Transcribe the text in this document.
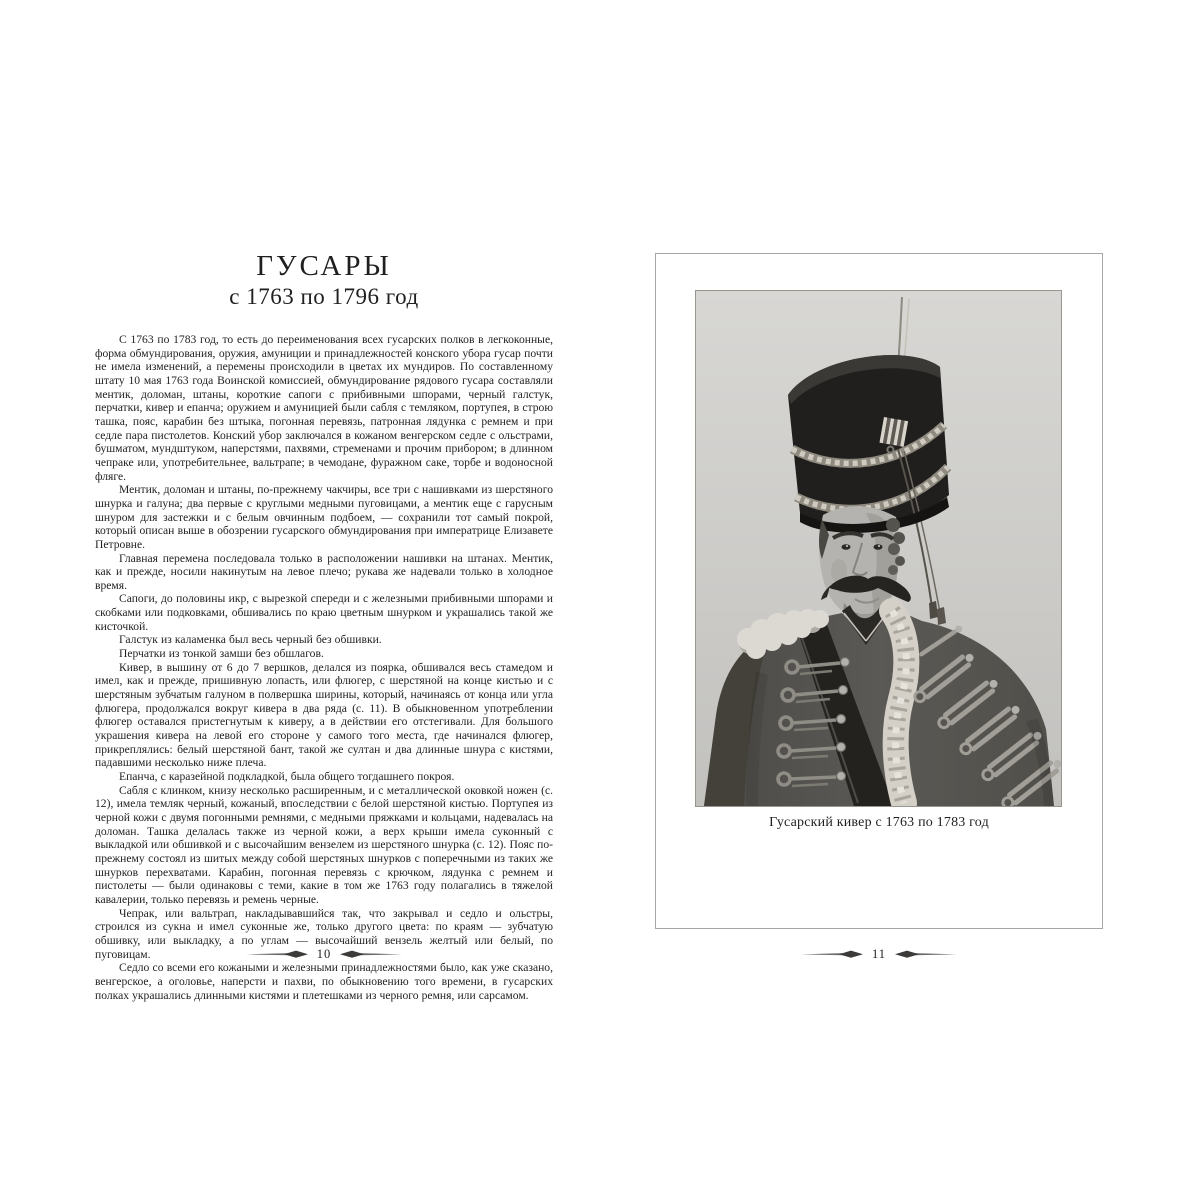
ГУСАРЫ
с 1763 по 1796 год

С 1763 по 1783 год, то есть до переименования всех гусарских полков в легкоконные, форма обмундирования, оружия, амуниции и принадлежностей конского убора гусар почти не имела изменений, а перемены происходили в цветах их мундиров. По составленному штату 10 мая 1763 года Воинской комиссией, обмундирование рядового гусара составляли ментик, доломан, штаны, короткие сапоги с прибивными шпорами, черный галстук, перчатки, кивер и епанча; оружием и амуницией были сабля с темляком, портупея, в строю ташка, пояс, карабин без штыка, погонная перевязь, патронная лядунка с ремнем и при седле пара пистолетов. Конский убор заключался в кожаном венгерском седле с ольстрами, бушматом, мундштуком, наперстями, пахвями, стременами и прочим прибором; в длинном чепраке или, употребительнее, вальтрапе; в чемодане, фуражном саке, торбе и водоносной фляге.

Ментик, доломан и штаны, по-прежнему чакчиры, все три с нашивками из шерстяного шнурка и галуна; два первые с круглыми медными пуговицами, а ментик еще с гарусным шнуром для застежки и с белым овчинным подбоем, — сохранили тот самый покрой, который описан выше в обозрении гусарского обмундирования при императрице Елизавете Петровне.

Главная перемена последовала только в расположении нашивки на штанах. Ментик, как и прежде, носили накинутым на левое плечо; рукава же надевали только в холодное время.

Сапоги, до половины икр, с вырезкой спереди и с железными прибивными шпорами и скобками или подковками, обшивались по краю цветным шнурком и украшались такой же кисточкой.

Галстук из каламенка был весь черный без обшивки.

Перчатки из тонкой замши без обшлагов.

Кивер, в вышину от 6 до 7 вершков, делался из поярка, обшивался весь стамедом и имел, как и прежде, пришивную лопасть, или флюгер, с шерстяной на конце кистью и с шерстяным зубчатым галуном в полвершка ширины, который, начинаясь от конца или угла флюгера, продолжался вокруг кивера в два ряда (с. 11). В обыкновенном употреблении флюгер оставался пристегнутым к киверу, а в действии его отстегивали. Для большого украшения кивера на левой его стороне у самого того места, где начинался флюгер, прикреплялись: белый шерстяной бант, такой же султан и два длинные шнура с кистями, падавшими несколько ниже плеча.

Епанча, с каразейной подкладкой, была общего тогдашнего покроя.

Сабля с клинком, книзу несколько расширенным, и с металлической оковкой ножен (с. 12), имела темляк черный, кожаный, впоследствии с белой шерстяной кистью. Портупея из черной кожи с двумя погонными ремнями, с медными пряжками и кольцами, надевалась на доломан. Ташка делалась также из черной кожи, а верх крыши имела суконный с выкладкой или обшивкой и с высочайшим вензелем из шерстяного шнурка (с. 12). Пояс по-прежнему состоял из шитых между собой шерстяных шнурков с поперечными из таких же шнурков перехватами. Карабин, погонная перевязь с крючком, лядунка с ремнем и пистолеты — были одинаковы с теми, какие в том же 1763 году полагались в тяжелой кавалерии, только перевязь и ремень черные.

Чепрак, или вальтрап, накладывавшийся так, что закрывал и седло и ольстры, строился из сукна и имел суконные же, только другого цвета: по краям — зубчатую обшивку, или выкладку, а по углам — высочайший вензель желтый или белый, по пуговицам.

Седло со всеми его кожаными и железными принадлежностями было, как уже сказано, венгерское, а оголовье, наперсти и пахви, по обыкновению того времени, в гусарских полках украшались длинными кистями и плетешками из черного ремня, или сарсамом.

10
Гусарский кивер с 1763 по 1783 год
11
